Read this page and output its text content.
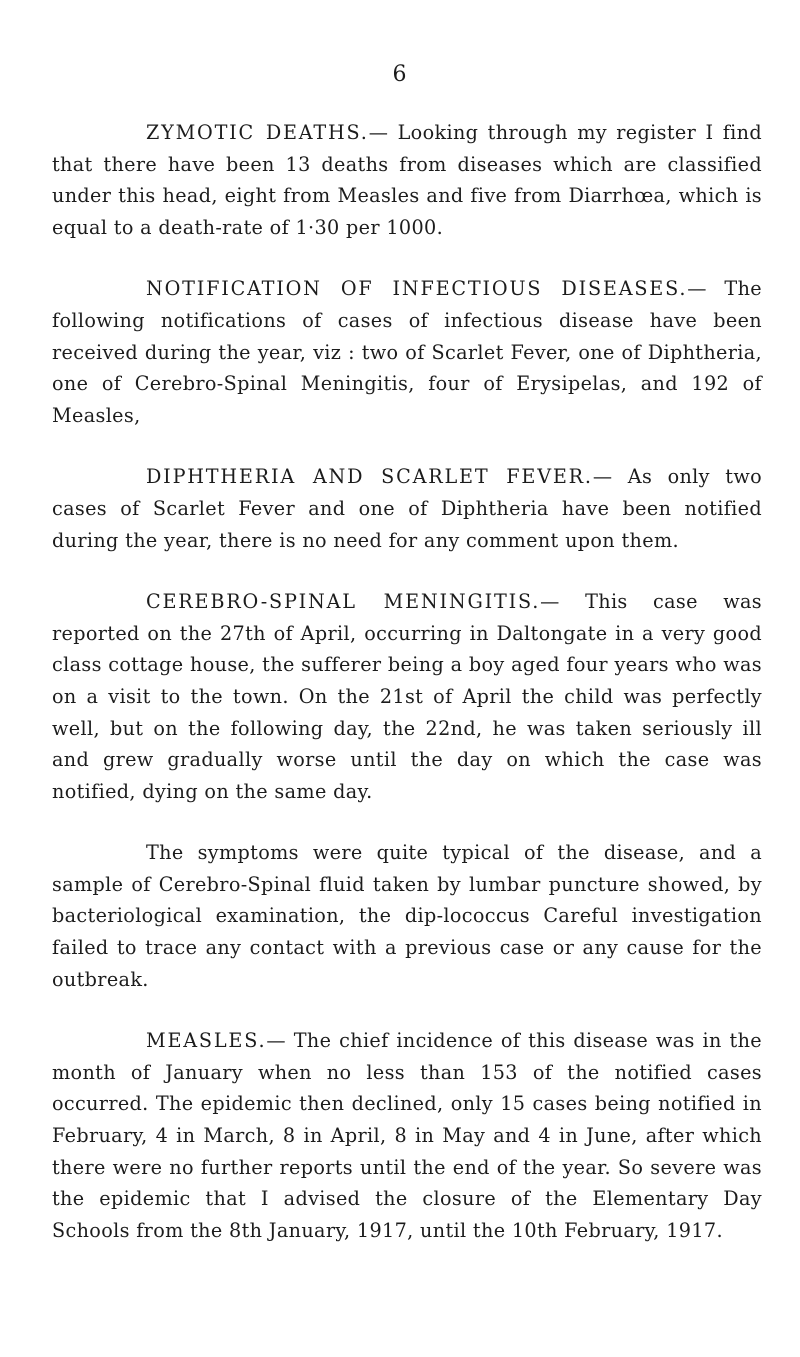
6

ZYMOTIC DEATHS.— Looking through my register I find that there have been 13 deaths from diseases which are classified under this head, eight from Measles and five from Diarrhœa, which is equal to a death-rate of 1·30 per 1000.

NOTIFICATION OF INFECTIOUS DISEASES.— The following notifications of cases of infectious disease have been received during the year, viz : two of Scarlet Fever, one of Diphtheria, one of Cerebro-Spinal Meningitis, four of Erysipelas, and 192 of Measles,

DIPHTHERIA AND SCARLET FEVER.— As only two cases of Scarlet Fever and one of Diphtheria have been notified during the year, there is no need for any comment upon them.

CEREBRO-SPINAL MENINGITIS.— This case was reported on the 27th of April, occurring in Daltongate in a very good class cottage house, the sufferer being a boy aged four years who was on a visit to the town. On the 21st of April the child was perfectly well, but on the following day, the 22nd, he was taken seriously ill and grew gradually worse until the day on which the case was notified, dying on the same day.

The symptoms were quite typical of the disease, and a sample of Cerebro-Spinal fluid taken by lumbar puncture showed, by bacteriological examination, the dip-lococcus Careful investigation failed to trace any contact with a previous case or any cause for the outbreak.

MEASLES.— The chief incidence of this disease was in the month of January when no less than 153 of the notified cases occurred. The epidemic then declined, only 15 cases being notified in February, 4 in March, 8 in April, 8 in May and 4 in June, after which there were no further reports until the end of the year. So severe was the epidemic that I advised the closure of the Elementary Day Schools from the 8th January, 1917, until the 10th February, 1917.
